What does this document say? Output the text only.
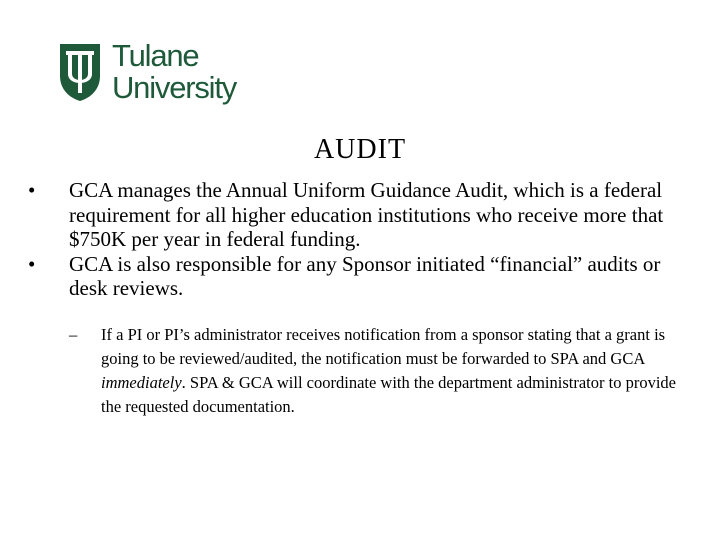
Tulane
University
AUDIT
• GCA manages the Annual Uniform Guidance Audit, which is a federal requirement for all higher education institutions who receive more that $750K per year in federal funding.
• GCA is also responsible for any Sponsor initiated “financial” audits or desk reviews.
– If a PI or PI’s administrator receives notification from a sponsor stating that a grant is going to be reviewed/audited, the notification must be forwarded to SPA and GCA immediately. SPA & GCA will coordinate with the department administrator to provide the requested documentation.
